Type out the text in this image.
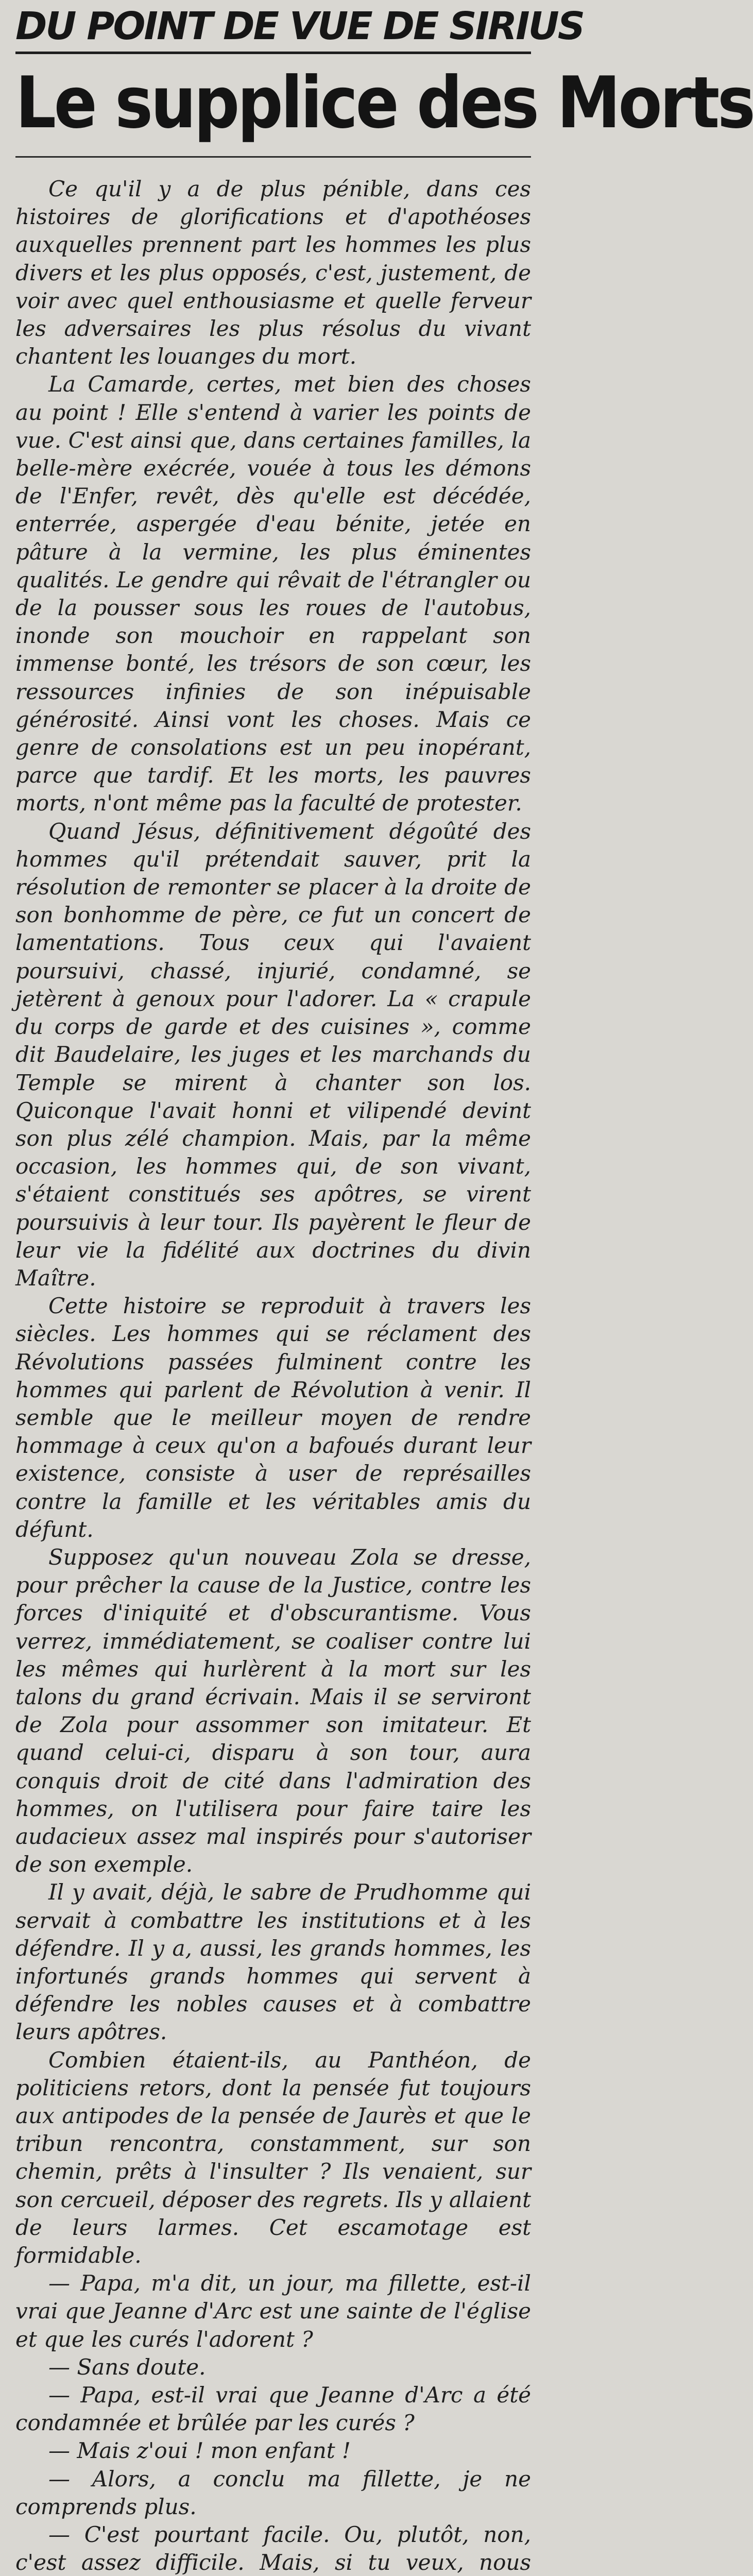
DU POINT DE VUE DE SIRIUS
Le supplice des Morts

Ce qu'il y a de plus pénible, dans ces histoires de glorifications et d'apothéoses auxquelles prennent part les hommes les plus divers et les plus opposés, c'est, justement, de voir avec quel enthousiasme et quelle ferveur les adversaires les plus résolus du vivant chantent les louanges du mort.

La Camarde, certes, met bien des choses au point ! Elle s'entend à varier les points de vue. C'est ainsi que, dans certaines familles, la belle-mère exécrée, vouée à tous les démons de l'Enfer, revêt, dès qu'elle est décédée, enterrée, aspergée d'eau bénite, jetée en pâture à la vermine, les plus éminentes qualités. Le gendre qui rêvait de l'étrangler ou de la pousser sous les roues de l'autobus, inonde son mouchoir en rappelant son immense bonté, les trésors de son cœur, les ressources infinies de son inépuisable générosité. Ainsi vont les choses. Mais ce genre de consolations est un peu inopérant, parce que tardif. Et les morts, les pauvres morts, n'ont même pas la faculté de protester.

Quand Jésus, définitivement dégoûté des hommes qu'il prétendait sauver, prit la résolution de remonter se placer à la droite de son bonhomme de père, ce fut un concert de lamentations. Tous ceux qui l'avaient poursuivi, chassé, injurié, condamné, se jetèrent à genoux pour l'adorer. La « crapule du corps de garde et des cuisines », comme dit Baudelaire, les juges et les marchands du Temple se mirent à chanter son los. Quiconque l'avait honni et vilipendé devint son plus zélé champion. Mais, par la même occasion, les hommes qui, de son vivant, s'étaient constitués ses apôtres, se virent poursuivis à leur tour. Ils payèrent le fleur de leur vie la fidélité aux doctrines du divin Maître.

Cette histoire se reproduit à travers les siècles. Les hommes qui se réclament des Révolutions passées fulminent contre les hommes qui parlent de Révolution à venir. Il semble que le meilleur moyen de rendre hommage à ceux qu'on a bafoués durant leur existence, consiste à user de représailles contre la famille et les véritables amis du défunt.

Supposez qu'un nouveau Zola se dresse, pour prêcher la cause de la Justice, contre les forces d'iniquité et d'obscurantisme. Vous verrez, immédiatement, se coaliser contre lui les mêmes qui hurlèrent à la mort sur les talons du grand écrivain. Mais il se serviront de Zola pour assommer son imitateur. Et quand celui-ci, disparu à son tour, aura conquis droit de cité dans l'admiration des hommes, on l'utilisera pour faire taire les audacieux assez mal inspirés pour s'autoriser de son exemple.

Il y avait, déjà, le sabre de Prudhomme qui servait à combattre les institutions et à les défendre. Il y a, aussi, les grands hommes, les infortunés grands hommes qui servent à défendre les nobles causes et à combattre leurs apôtres.

Combien étaient-ils, au Panthéon, de politiciens retors, dont la pensée fut toujours aux antipodes de la pensée de Jaurès et que le tribun rencontra, constamment, sur son chemin, prêts à l'insulter ? Ils venaient, sur son cercueil, déposer des regrets. Ils y allaient de leurs larmes. Cet escamotage est formidable.

— Papa, m'a dit, un jour, ma fillette, est-il vrai que Jeanne d'Arc est une sainte de l'église et que les curés l'adorent ?

— Sans doute.

— Papa, est-il vrai que Jeanne d'Arc a été condamnée et brûlée par les curés ?

— Mais z'oui ! mon enfant !

— Alors, a conclu ma fillette, je ne comprends plus.

— C'est pourtant facile. Ou, plutôt, non, c'est assez difficile. Mais, si tu veux, nous
